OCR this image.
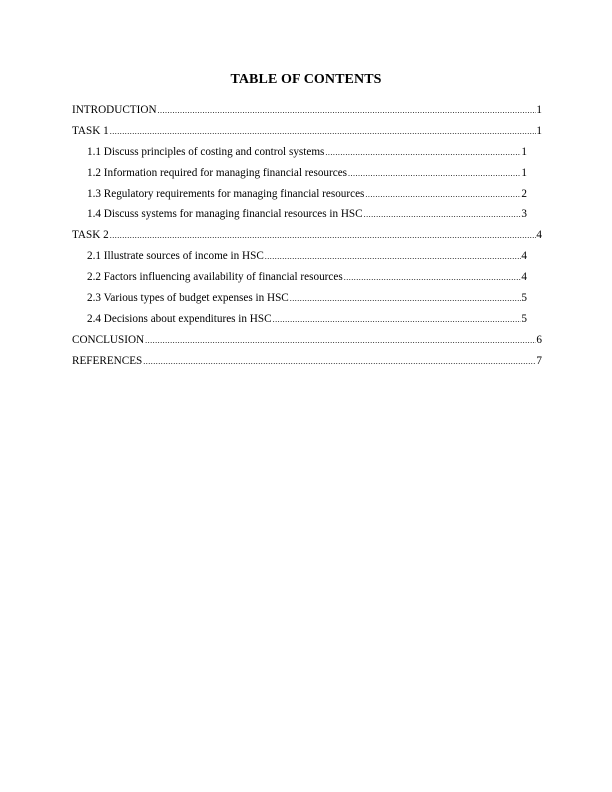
TABLE OF CONTENTS
INTRODUCTION .....	1
TASK 1 .....	1
1.1 Discuss principles of costing and control systems .....	1
1.2 Information required for managing financial resources .....	1
1.3 Regulatory requirements for managing financial resources .....	2
1.4 Discuss systems for managing financial resources in HSC .....	3
TASK 2 .....	4
2.1 Illustrate sources of income in HSC .....	4
2.2 Factors influencing availability of financial resources .....	4
2.3 Various types of budget expenses in HSC .....	5
2.4 Decisions about expenditures in HSC .....	5
CONCLUSION .....	6
REFERENCES .....	7
